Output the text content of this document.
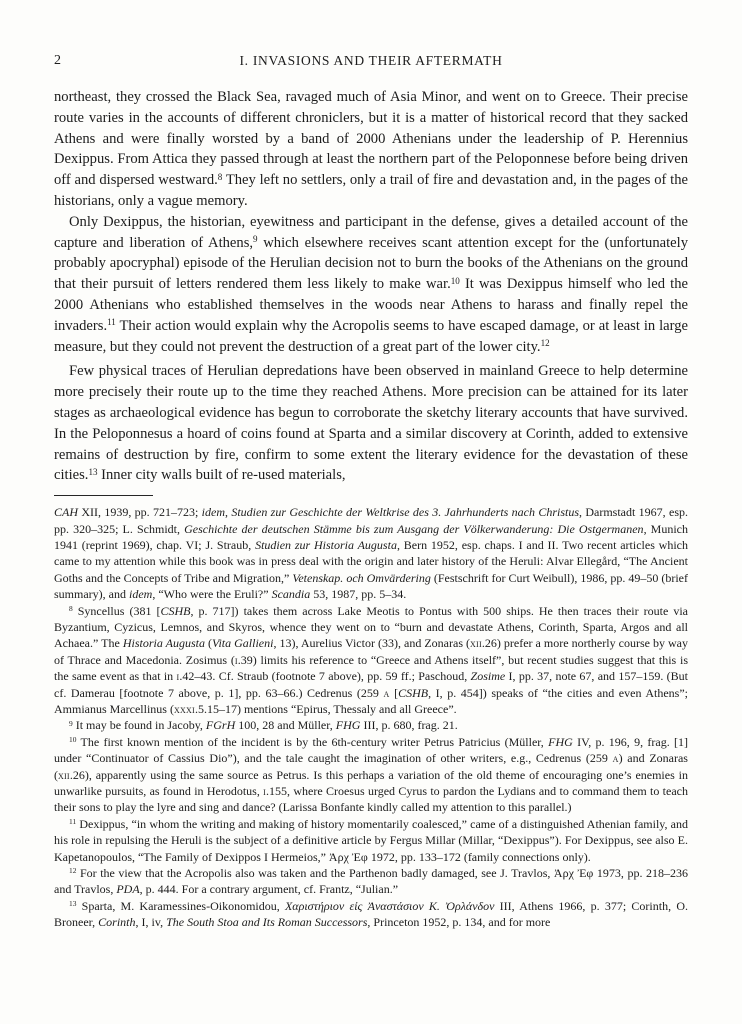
2	I. INVASIONS AND THEIR AFTERMATH

northeast, they crossed the Black Sea, ravaged much of Asia Minor, and went on to Greece. Their precise route varies in the accounts of different chroniclers, but it is a matter of historical record that they sacked Athens and were finally worsted by a band of 2000 Athenians under the leadership of P. Herennius Dexippus. From Attica they passed through at least the northern part of the Peloponnese before being driven off and dispersed westward.$^8$ They left no settlers, only a trail of fire and devastation and, in the pages of the historians, only a vague memory.

Only Dexippus, the historian, eyewitness and participant in the defense, gives a detailed account of the capture and liberation of Athens,$^9$ which elsewhere receives scant attention except for the (unfortunately probably apocryphal) episode of the Herulian decision not to burn the books of the Athenians on the ground that their pursuit of letters rendered them less likely to make war.$^{10}$ It was Dexippus himself who led the 2000 Athenians who established themselves in the woods near Athens to harass and finally repel the invaders.$^{11}$ Their action would explain why the Acropolis seems to have escaped damage, or at least in large measure, but they could not prevent the destruction of a great part of the lower city.$^{12}$

Few physical traces of Herulian depredations have been observed in mainland Greece to help determine more precisely their route up to the time they reached Athens. More precision can be attained for its later stages as archaeological evidence has begun to corroborate the sketchy literary accounts that have survived. In the Peloponnesus a hoard of coins found at Sparta and a similar discovery at Corinth, added to extensive remains of destruction by fire, confirm to some extent the literary evidence for the devastation of these cities.$^{13}$ Inner city walls built of re-used materials,

CAH XII, 1939, pp. 721–723; idem, Studien zur Geschichte der Weltkrise des 3. Jahrhunderts nach Christus, Darmstadt 1967, esp. pp. 320–325; L. Schmidt, Geschichte der deutschen Stämme bis zum Ausgang der Völkerwanderung: Die Ostgermanen, Munich 1941 (reprint 1969), chap. VI; J. Straub, Studien zur Historia Augusta, Bern 1952, esp. chaps. I and II. Two recent articles which came to my attention while this book was in press deal with the origin and later history of the Heruli: Alvar Ellegård, “The Ancient Goths and the Concepts of Tribe and Migration,” Vetenskap. och Omvärdering (Festschrift for Curt Weibull), 1986, pp. 49–50 (brief summary), and idem, “Who were the Eruli?” Scandia 53, 1987, pp. 5–34.

$^8$ Syncellus (381 [CSHB, p. 717]) takes them across Lake Meotis to Pontus with 500 ships. He then traces their route via Byzantium, Cyzicus, Lemnos, and Skyros, whence they went on to “burn and devastate Athens, Corinth, Sparta, Argos and all Achaea.” The Historia Augusta (Vita Gallieni, 13), Aurelius Victor (33), and Zonaras (xii.26) prefer a more northerly course by way of Thrace and Macedonia. Zosimus (i.39) limits his reference to “Greece and Athens itself”, but recent studies suggest that this is the same event as that in i.42–43. Cf. Straub (footnote 7 above), pp. 59 ff.; Paschoud, Zosime I, pp. 37, note 67, and 157–159. (But cf. Damerau [footnote 7 above, p. 1], pp. 63–66.) Cedrenus (259 a [CSHB, I, p. 454]) speaks of “the cities and even Athens”; Ammianus Marcellinus (xxxi.5.15–17) mentions “Epirus, Thessaly and all Greece”.

$^9$ It may be found in Jacoby, FGrH 100, 28 and Müller, FHG III, p. 680, frag. 21.

$^{10}$ The first known mention of the incident is by the 6th-century writer Petrus Patricius (Müller, FHG IV, p. 196, 9, frag. [1] under “Continuator of Cassius Dio”), and the tale caught the imagination of other writers, e.g., Cedrenus (259 a) and Zonaras (xii.26), apparently using the same source as Petrus. Is this perhaps a variation of the old theme of encouraging one’s enemies in unwarlike pursuits, as found in Herodotus, i.155, where Croesus urged Cyrus to pardon the Lydians and to command them to teach their sons to play the lyre and sing and dance? (Larissa Bonfante kindly called my attention to this parallel.)

$^{11}$ Dexippus, “in whom the writing and making of history momentarily coalesced,” came of a distinguished Athenian family, and his role in repulsing the Heruli is the subject of a definitive article by Fergus Millar (Millar, “Dexippus”). For Dexippus, see also E. Kapetanopoulos, “The Family of Dexippos I Hermeios,” Ἀρχ Ἐφ 1972, pp. 133–172 (family connections only).

$^{12}$ For the view that the Acropolis also was taken and the Parthenon badly damaged, see J. Travlos, Ἀρχ Ἐφ 1973, pp. 218–236 and Travlos, PDA, p. 444. For a contrary argument, cf. Frantz, “Julian.”

$^{13}$ Sparta, M. Karamessines-Oikonomidou, Χαριστήριον εἰς Ἀναστάσιον Κ. Ὀρλάνδον III, Athens 1966, p. 377; Corinth, O. Broneer, Corinth, I, iv, The South Stoa and Its Roman Successors, Princeton 1952, p. 134, and for more
